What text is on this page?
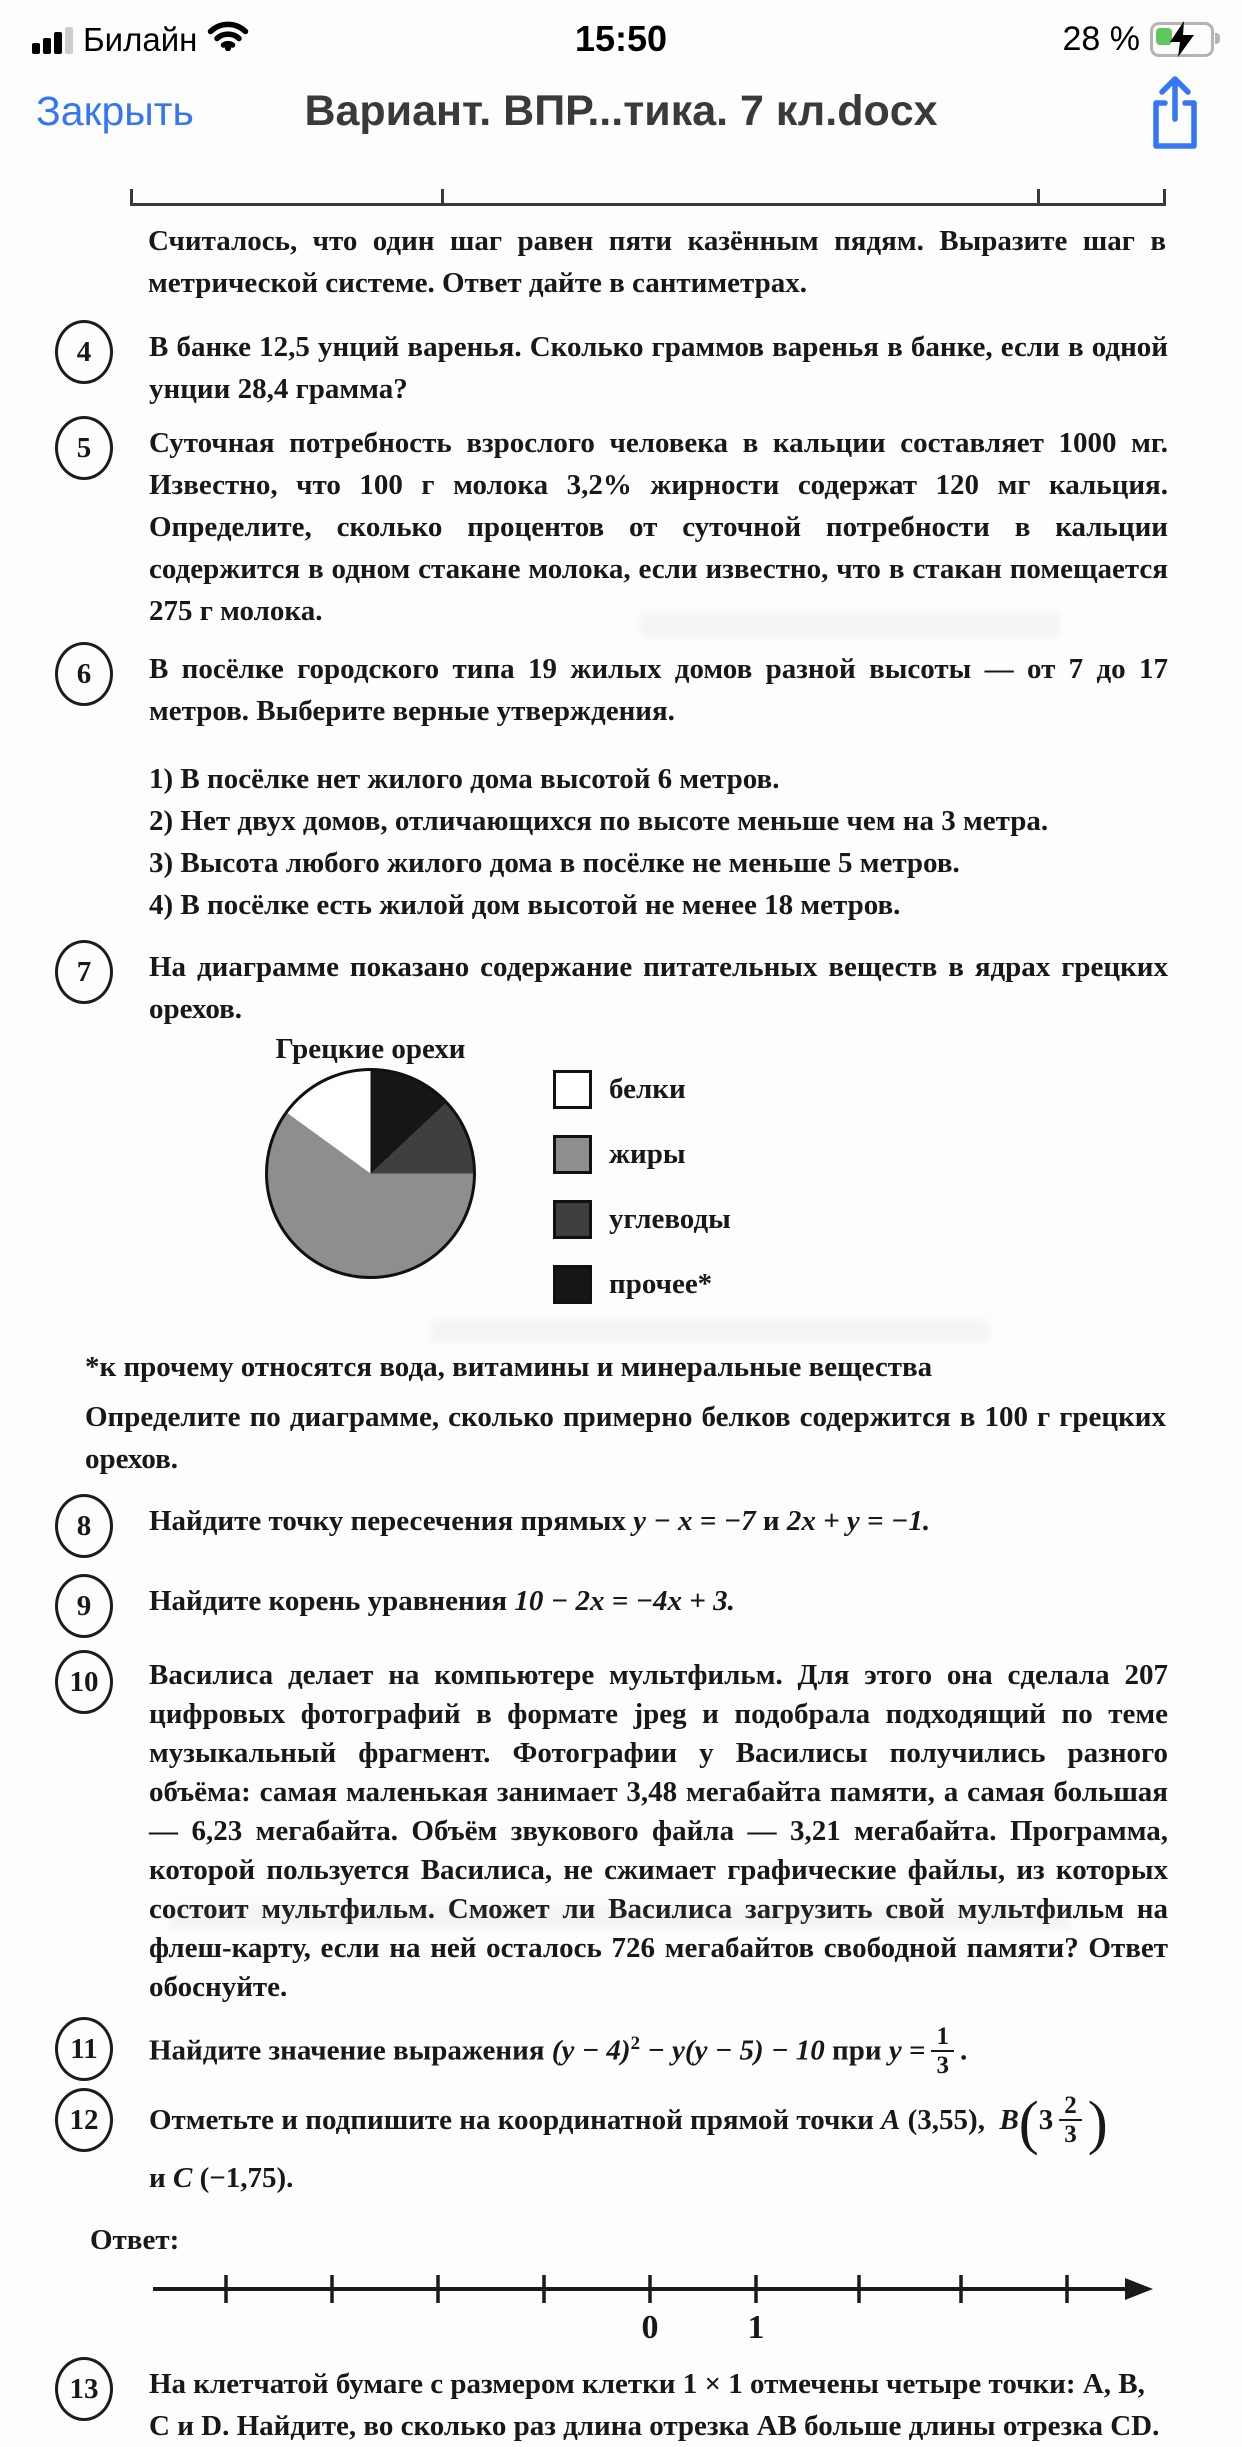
Билайн	15:50	28 %
Закрыть	Вариант. ВПР...тика. 7 кл.docx

Считалось, что один шаг равен пяти казённым пядям. Выразите шаг в метрической системе. Ответ дайте в сантиметрах.

4	В банке 12,5 унций варенья. Сколько граммов варенья в банке, если в одной унции 28,4 грамма?
5	Суточная потребность взрослого человека в кальции составляет 1000 мг. Известно, что 100 г молока 3,2% жирности содержат 120 мг кальция. Определите, сколько процентов от суточной потребности в кальции содержится в одном стакане молока, если известно, что в стакан помещается 275 г молока.
6	В посёлке городского типа 19 жилых домов разной высоты — от 7 до 17 метров. Выберите верные утверждения.
1) В посёлке нет жилого дома высотой 6 метров.
2) Нет двух домов, отличающихся по высоте меньше чем на 3 метра.
3) Высота любого жилого дома в посёлке не меньше 5 метров.
4) В посёлке есть жилой дом высотой не менее 18 метров.
7	На диаграмме показано содержание питательных веществ в ядрах грецких орехов.
Грецкие орехи
белки
жиры
углеводы
прочее*
*к прочему относятся вода, витамины и минеральные вещества
Определите по диаграмме, сколько примерно белков содержится в 100 г грецких орехов.
8	Найдите точку пересечения прямых y − x = −7 и 2x + y = −1.
9	Найдите корень уравнения 10 − 2x = −4x + 3.
10	Василиса делает на компьютере мультфильм. Для этого она сделала 207 цифровых фотографий в формате jpeg и подобрала подходящий по теме музыкальный фрагмент. Фотографии у Василисы получились разного объёма: самая маленькая занимает 3,48 мегабайта памяти, а самая большая — 6,23 мегабайта. Объём звукового файла — 3,21 мегабайта. Программа, которой пользуется Василиса, не сжимает графические файлы, из которых состоит мультфильм. Сможет ли Василиса загрузить свой мультфильм на флеш-карту, если на ней осталось 726 мегабайтов свободной памяти? Ответ обоснуйте.
11	Найдите значение выражения $(y - 4)^2 - y(y - 5) - 10$ при $y = \frac{1}{3}$ .
12	Отметьте и подпишите на координатной прямой точки A (3,55), $B(3 \frac{2}{3}$ )
и C (−1,75).
Ответ:
0	1
13	На клетчатой бумаге с размером клетки 1 × 1 отмечены четыре точки: A, B,
С и D. Найдите, во сколько раз длина отрезка AB больше длины отрезка CD.
